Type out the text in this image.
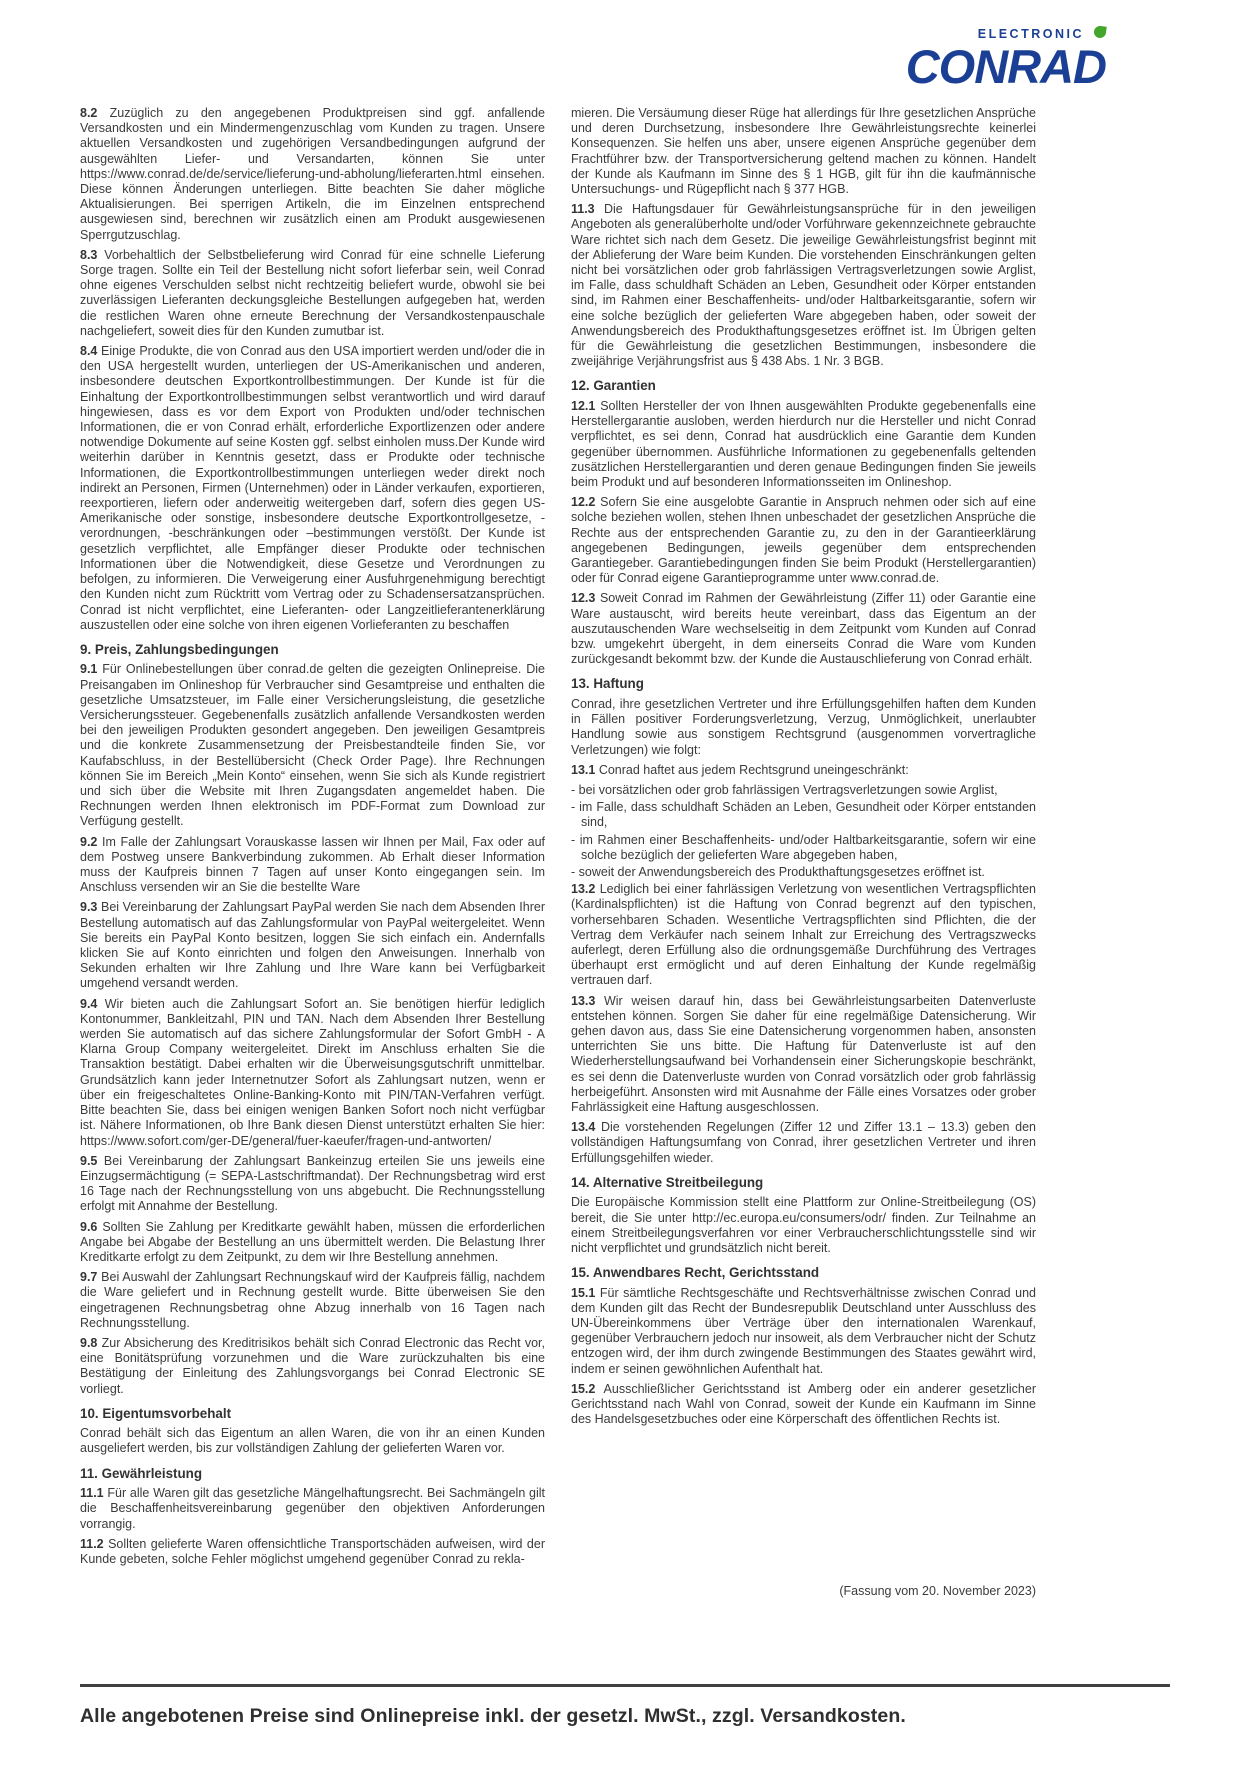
ELECTRONIC
CONRAD

8.2 Zuzüglich zu den angegebenen Produktpreisen sind ggf. anfallende Versandkosten und ein Mindermengenzuschlag vom Kunden zu tragen. Unsere aktuellen Versandkosten und zugehörigen Versandbedingungen aufgrund der ausgewählten Liefer- und Versandarten, können Sie unter https://www.conrad.de/de/service/lieferung-und-abholung/lieferarten.html einsehen. Diese können Änderungen unterliegen. Bitte beachten Sie daher mögliche Aktualisierungen. Bei sperrigen Artikeln, die im Einzelnen entsprechend ausgewiesen sind, berechnen wir zusätzlich einen am Produkt ausgewiesenen Sperrgutzuschlag.

8.3 Vorbehaltlich der Selbstbelieferung wird Conrad für eine schnelle Lieferung Sorge tragen. Sollte ein Teil der Bestellung nicht sofort lieferbar sein, weil Conrad ohne eigenes Verschulden selbst nicht rechtzeitig beliefert wurde, obwohl sie bei zuverlässigen Lieferanten deckungsgleiche Bestellungen aufgegeben hat, werden die restlichen Waren ohne erneute Berechnung der Versandkostenpauschale nachgeliefert, soweit dies für den Kunden zumutbar ist.

8.4 Einige Produkte, die von Conrad aus den USA importiert werden und/oder die in den USA hergestellt wurden, unterliegen der US-Amerikanischen und anderen, insbesondere deutschen Exportkontrollbestimmungen. Der Kunde ist für die Einhaltung der Exportkontrollbestimmungen selbst verantwortlich und wird darauf hingewiesen, dass es vor dem Export von Produkten und/oder technischen Informationen, die er von Conrad erhält, erforderliche Exportlizenzen oder andere notwendige Dokumente auf seine Kosten ggf. selbst einholen muss.Der Kunde wird weiterhin darüber in Kenntnis gesetzt, dass er Produkte oder technische Informationen, die Exportkontrollbestimmungen unterliegen weder direkt noch indirekt an Personen, Firmen (Unternehmen) oder in Länder verkaufen, exportieren, reexportieren, liefern oder anderweitig weitergeben darf, sofern dies gegen US-Amerikanische oder sonstige, insbesondere deutsche Exportkontrollgesetze, -verordnungen, -beschränkungen oder –bestimmungen verstößt. Der Kunde ist gesetzlich verpflichtet, alle Empfänger dieser Produkte oder technischen Informationen über die Notwendigkeit, diese Gesetze und Verordnungen zu befolgen, zu informieren. Die Verweigerung einer Ausfuhrgenehmigung berechtigt den Kunden nicht zum Rücktritt vom Vertrag oder zu Schadensersatzansprüchen. Conrad ist nicht verpflichtet, eine Lieferanten- oder Langzeitlieferantenerklärung auszustellen oder eine solche von ihren eigenen Vorlieferanten zu beschaffen

9. Preis, Zahlungsbedingungen

9.1 Für Onlinebestellungen über conrad.de gelten die gezeigten Onlinepreise. Die Preisangaben im Onlineshop für Verbraucher sind Gesamtpreise und enthalten die gesetzliche Umsatzsteuer, im Falle einer Versicherungsleistung, die gesetzliche Versicherungssteuer. Gegebenenfalls zusätzlich anfallende Versandkosten werden bei den jeweiligen Produkten gesondert angegeben. Den jeweiligen Gesamtpreis und die konkrete Zusammensetzung der Preisbestandteile finden Sie, vor Kaufabschluss, in der Bestellübersicht (Check Order Page). Ihre Rechnungen können Sie im Bereich „Mein Konto“ einsehen, wenn Sie sich als Kunde registriert und sich über die Website mit Ihren Zugangsdaten angemeldet haben. Die Rechnungen werden Ihnen elektronisch im PDF-Format zum Download zur Verfügung gestellt.

9.2 Im Falle der Zahlungsart Vorauskasse lassen wir Ihnen per Mail, Fax oder auf dem Postweg unsere Bankverbindung zukommen. Ab Erhalt dieser Information muss der Kaufpreis binnen 7 Tagen auf unser Konto eingegangen sein. Im Anschluss versenden wir an Sie die bestellte Ware

9.3 Bei Vereinbarung der Zahlungsart PayPal werden Sie nach dem Absenden Ihrer Bestellung automatisch auf das Zahlungsformular von PayPal weitergeleitet. Wenn Sie bereits ein PayPal Konto besitzen, loggen Sie sich einfach ein. Andernfalls klicken Sie auf Konto einrichten und folgen den Anweisungen. Innerhalb von Sekunden erhalten wir Ihre Zahlung und Ihre Ware kann bei Verfügbarkeit umgehend versandt werden.

9.4 Wir bieten auch die Zahlungsart Sofort an. Sie benötigen hierfür lediglich Kontonummer, Bankleitzahl, PIN und TAN. Nach dem Absenden Ihrer Bestellung werden Sie automatisch auf das sichere Zahlungsformular der Sofort GmbH - A Klarna Group Company weitergeleitet. Direkt im Anschluss erhalten Sie die Transaktion bestätigt. Dabei erhalten wir die Überweisungsgutschrift unmittelbar. Grundsätzlich kann jeder Internetnutzer Sofort als Zahlungsart nutzen, wenn er über ein freigeschaltetes Online-Banking-Konto mit PIN/TAN-Verfahren verfügt. Bitte beachten Sie, dass bei einigen wenigen Banken Sofort noch nicht verfügbar ist. Nähere Informationen, ob Ihre Bank diesen Dienst unterstützt erhalten Sie hier: https://www.sofort.com/ger-DE/general/fuer-kaeufer/fragen-und-antworten/

9.5 Bei Vereinbarung der Zahlungsart Bankeinzug erteilen Sie uns jeweils eine Einzugsermächtigung (= SEPA-Lastschriftmandat). Der Rechnungsbetrag wird erst 16 Tage nach der Rechnungsstellung von uns abgebucht. Die Rechnungsstellung erfolgt mit Annahme der Bestellung.

9.6 Sollten Sie Zahlung per Kreditkarte gewählt haben, müssen die erforderlichen Angabe bei Abgabe der Bestellung an uns übermittelt werden. Die Belastung Ihrer Kreditkarte erfolgt zu dem Zeitpunkt, zu dem wir Ihre Bestellung annehmen.

9.7 Bei Auswahl der Zahlungsart Rechnungskauf wird der Kaufpreis fällig, nachdem die Ware geliefert und in Rechnung gestellt wurde. Bitte überweisen Sie den eingetragenen Rechnungsbetrag ohne Abzug innerhalb von 16 Tagen nach Rechnungsstellung.

9.8 Zur Absicherung des Kreditrisikos behält sich Conrad Electronic das Recht vor, eine Bonitätsprüfung vorzunehmen und die Ware zurückzuhalten bis eine Bestätigung der Einleitung des Zahlungsvorgangs bei Conrad Electronic SE vorliegt.

10. Eigentumsvorbehalt

Conrad behält sich das Eigentum an allen Waren, die von ihr an einen Kunden ausgeliefert werden, bis zur vollständigen Zahlung der gelieferten Waren vor.

11. Gewährleistung

11.1 Für alle Waren gilt das gesetzliche Mängelhaftungsrecht. Bei Sachmängeln gilt die Beschaffenheitsvereinbarung gegenüber den objektiven Anforderungen vorrangig.

11.2 Sollten gelieferte Waren offensichtliche Transportschäden aufweisen, wird der Kunde gebeten, solche Fehler möglichst umgehend gegenüber Conrad zu rekla-

mieren. Die Versäumung dieser Rüge hat allerdings für Ihre gesetzlichen Ansprüche und deren Durchsetzung, insbesondere Ihre Gewährleistungsrechte keinerlei Konsequenzen. Sie helfen uns aber, unsere eigenen Ansprüche gegenüber dem Frachtführer bzw. der Transportversicherung geltend machen zu können. Handelt der Kunde als Kaufmann im Sinne des § 1 HGB, gilt für ihn die kaufmännische Untersuchungs- und Rügepflicht nach § 377 HGB.

11.3 Die Haftungsdauer für Gewährleistungsansprüche für in den jeweiligen Angeboten als generalüberholte und/oder Vorführware gekennzeichnete gebrauchte Ware richtet sich nach dem Gesetz. Die jeweilige Gewährleistungsfrist beginnt mit der Ablieferung der Ware beim Kunden. Die vorstehenden Einschränkungen gelten nicht bei vorsätzlichen oder grob fahrlässigen Vertragsverletzungen sowie Arglist, im Falle, dass schuldhaft Schäden an Leben, Gesundheit oder Körper entstanden sind, im Rahmen einer Beschaffenheits- und/oder Haltbarkeitsgarantie, sofern wir eine solche bezüglich der gelieferten Ware abgegeben haben, oder soweit der Anwendungsbereich des Produkthaftungsgesetzes eröffnet ist. Im Übrigen gelten für die Gewährleistung die gesetzlichen Bestimmungen, insbesondere die zweijährige Verjährungsfrist aus § 438 Abs. 1 Nr. 3 BGB.

12. Garantien

12.1 Sollten Hersteller der von Ihnen ausgewählten Produkte gegebenenfalls eine Herstellergarantie ausloben, werden hierdurch nur die Hersteller und nicht Conrad verpflichtet, es sei denn, Conrad hat ausdrücklich eine Garantie dem Kunden gegenüber übernommen. Ausführliche Informationen zu gegebenenfalls geltenden zusätzlichen Herstellergarantien und deren genaue Bedingungen finden Sie jeweils beim Produkt und auf besonderen Informationsseiten im Onlineshop.

12.2 Sofern Sie eine ausgelobte Garantie in Anspruch nehmen oder sich auf eine solche beziehen wollen, stehen Ihnen unbeschadet der gesetzlichen Ansprüche die Rechte aus der entsprechenden Garantie zu, zu den in der Garantieerklärung angegebenen Bedingungen, jeweils gegenüber dem entsprechenden Garantiegeber. Garantiebedingungen finden Sie beim Produkt (Herstellergarantien) oder für Conrad eigene Garantieprogramme unter www.conrad.de.

12.3 Soweit Conrad im Rahmen der Gewährleistung (Ziffer 11) oder Garantie eine Ware austauscht, wird bereits heute vereinbart, dass das Eigentum an der auszutauschenden Ware wechselseitig in dem Zeitpunkt vom Kunden auf Conrad bzw. umgekehrt übergeht, in dem einerseits Conrad die Ware vom Kunden zurückgesandt bekommt bzw. der Kunde die Austauschlieferung von Conrad erhält.

13. Haftung

Conrad, ihre gesetzlichen Vertreter und ihre Erfüllungsgehilfen haften dem Kunden in Fällen positiver Forderungsverletzung, Verzug, Unmöglichkeit, unerlaubter Handlung sowie aus sonstigem Rechtsgrund (ausgenommen vorvertragliche Verletzungen) wie folgt:

13.1 Conrad haftet aus jedem Rechtsgrund uneingeschränkt:

- bei vorsätzlichen oder grob fahrlässigen Vertragsverletzungen sowie Arglist,

- im Falle, dass schuldhaft Schäden an Leben, Gesundheit oder Körper entstanden sind,

- im Rahmen einer Beschaffenheits- und/oder Haltbarkeitsgarantie, sofern wir eine solche bezüglich der gelieferten Ware abgegeben haben,

- soweit der Anwendungsbereich des Produkthaftungsgesetzes eröffnet ist.

13.2 Lediglich bei einer fahrlässigen Verletzung von wesentlichen Vertragspflichten (Kardinalspflichten) ist die Haftung von Conrad begrenzt auf den typischen, vorhersehbaren Schaden. Wesentliche Vertragspflichten sind Pflichten, die der Vertrag dem Verkäufer nach seinem Inhalt zur Erreichung des Vertragszwecks auferlegt, deren Erfüllung also die ordnungsgemäße Durchführung des Vertrages überhaupt erst ermöglicht und auf deren Einhaltung der Kunde regelmäßig vertrauen darf.

13.3 Wir weisen darauf hin, dass bei Gewährleistungsarbeiten Datenverluste entstehen können. Sorgen Sie daher für eine regelmäßige Datensicherung. Wir gehen davon aus, dass Sie eine Datensicherung vorgenommen haben, ansonsten unterrichten Sie uns bitte. Die Haftung für Datenverluste ist auf den Wiederherstellungsaufwand bei Vorhandensein einer Sicherungskopie beschränkt, es sei denn die Datenverluste wurden von Conrad vorsätzlich oder grob fahrlässig herbeigeführt. Ansonsten wird mit Ausnahme der Fälle eines Vorsatzes oder grober Fahrlässigkeit eine Haftung ausgeschlossen.

13.4 Die vorstehenden Regelungen (Ziffer 12 und Ziffer 13.1 – 13.3) geben den vollständigen Haftungsumfang von Conrad, ihrer gesetzlichen Vertreter und ihren Erfüllungsgehilfen wieder.

14. Alternative Streitbeilegung

Die Europäische Kommission stellt eine Plattform zur Online-Streitbeilegung (OS) bereit, die Sie unter http://ec.europa.eu/consumers/odr/ finden. Zur Teilnahme an einem Streitbeilegungsverfahren vor einer Verbraucherschlichtungsstelle sind wir nicht verpflichtet und grundsätzlich nicht bereit.

15. Anwendbares Recht, Gerichtsstand

15.1 Für sämtliche Rechtsgeschäfte und Rechtsverhältnisse zwischen Conrad und dem Kunden gilt das Recht der Bundesrepublik Deutschland unter Ausschluss des UN-Übereinkommens über Verträge über den internationalen Warenkauf, gegenüber Verbrauchern jedoch nur insoweit, als dem Verbraucher nicht der Schutz entzogen wird, der ihm durch zwingende Bestimmungen des Staates gewährt wird, indem er seinen gewöhnlichen Aufenthalt hat.

15.2 Ausschließlicher Gerichtsstand ist Amberg oder ein anderer gesetzlicher Gerichtsstand nach Wahl von Conrad, soweit der Kunde ein Kaufmann im Sinne des Handelsgesetzbuches oder eine Körperschaft des öffentlichen Rechts ist.

(Fassung vom 20. November 2023)
Alle angebotenen Preise sind Onlinepreise inkl. der gesetzl. MwSt., zzgl. Versandkosten.
